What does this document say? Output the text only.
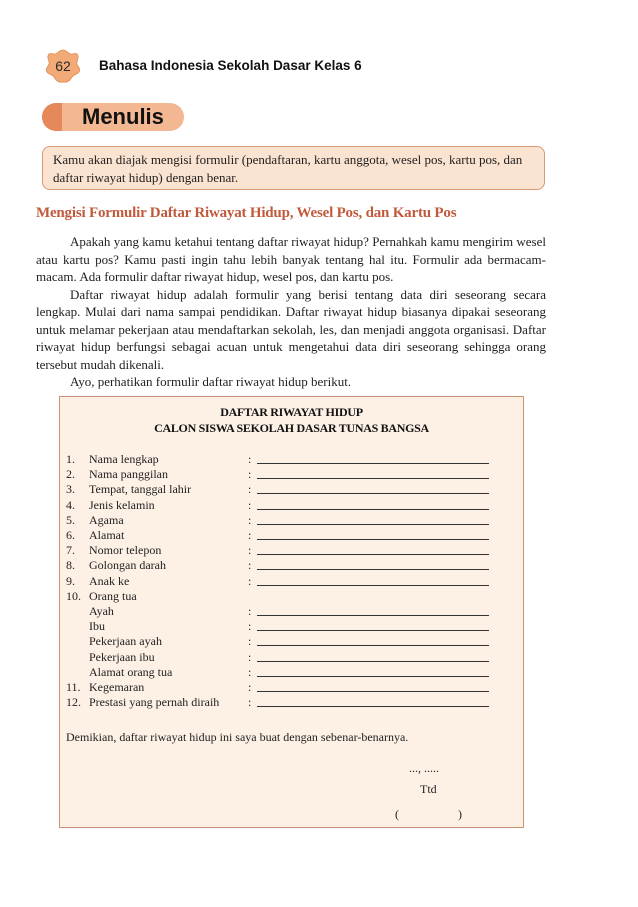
62	Bahasa Indonesia Sekolah Dasar Kelas 6
Menulis
Kamu akan diajak mengisi formulir (pendaftaran, kartu anggota, wesel pos, kartu pos, dan daftar riwayat hidup) dengan benar.
Mengisi Formulir Daftar Riwayat Hidup, Wesel Pos, dan Kartu Pos

Apakah yang kamu ketahui tentang daftar riwayat hidup? Pernahkah kamu mengirim wesel atau kartu pos? Kamu pasti ingin tahu lebih banyak tentang hal itu. Formulir ada bermacam-macam. Ada formulir daftar riwayat hidup, wesel pos, dan kartu pos.

Daftar riwayat hidup adalah formulir yang berisi tentang data diri seseorang secara lengkap. Mulai dari nama sampai pendidikan. Daftar riwayat hidup biasanya dipakai seseorang untuk melamar pekerjaan atau mendaftarkan sekolah, les, dan menjadi anggota organisasi. Daftar riwayat hidup berfungsi sebagai acuan untuk mengetahui data diri seseorang sehingga orang tersebut mudah dikenali.

Ayo, perhatikan formulir daftar riwayat hidup berikut.

DAFTAR RIWAYAT HIDUP
CALON SISWA SEKOLAH DASAR TUNAS BANGSA
1. Nama lengkap	:
2. Nama panggilan	:
3. Tempat, tanggal lahir	:
4. Jenis kelamin	:
5. Agama	:
6. Alamat	:
7. Nomor telepon	:
8. Golongan darah	:
9. Anak ke	:
10. Orang tua
Ayah	:
Ibu	:
Pekerjaan ayah	:
Pekerjaan ibu	:
Alamat orang tua	:
11. Kegemaran	:
12. Prestasi yang pernah diraih :
Demikian, daftar riwayat hidup ini saya buat dengan sebenar-benarnya.
..., .....
Ttd
(	)
